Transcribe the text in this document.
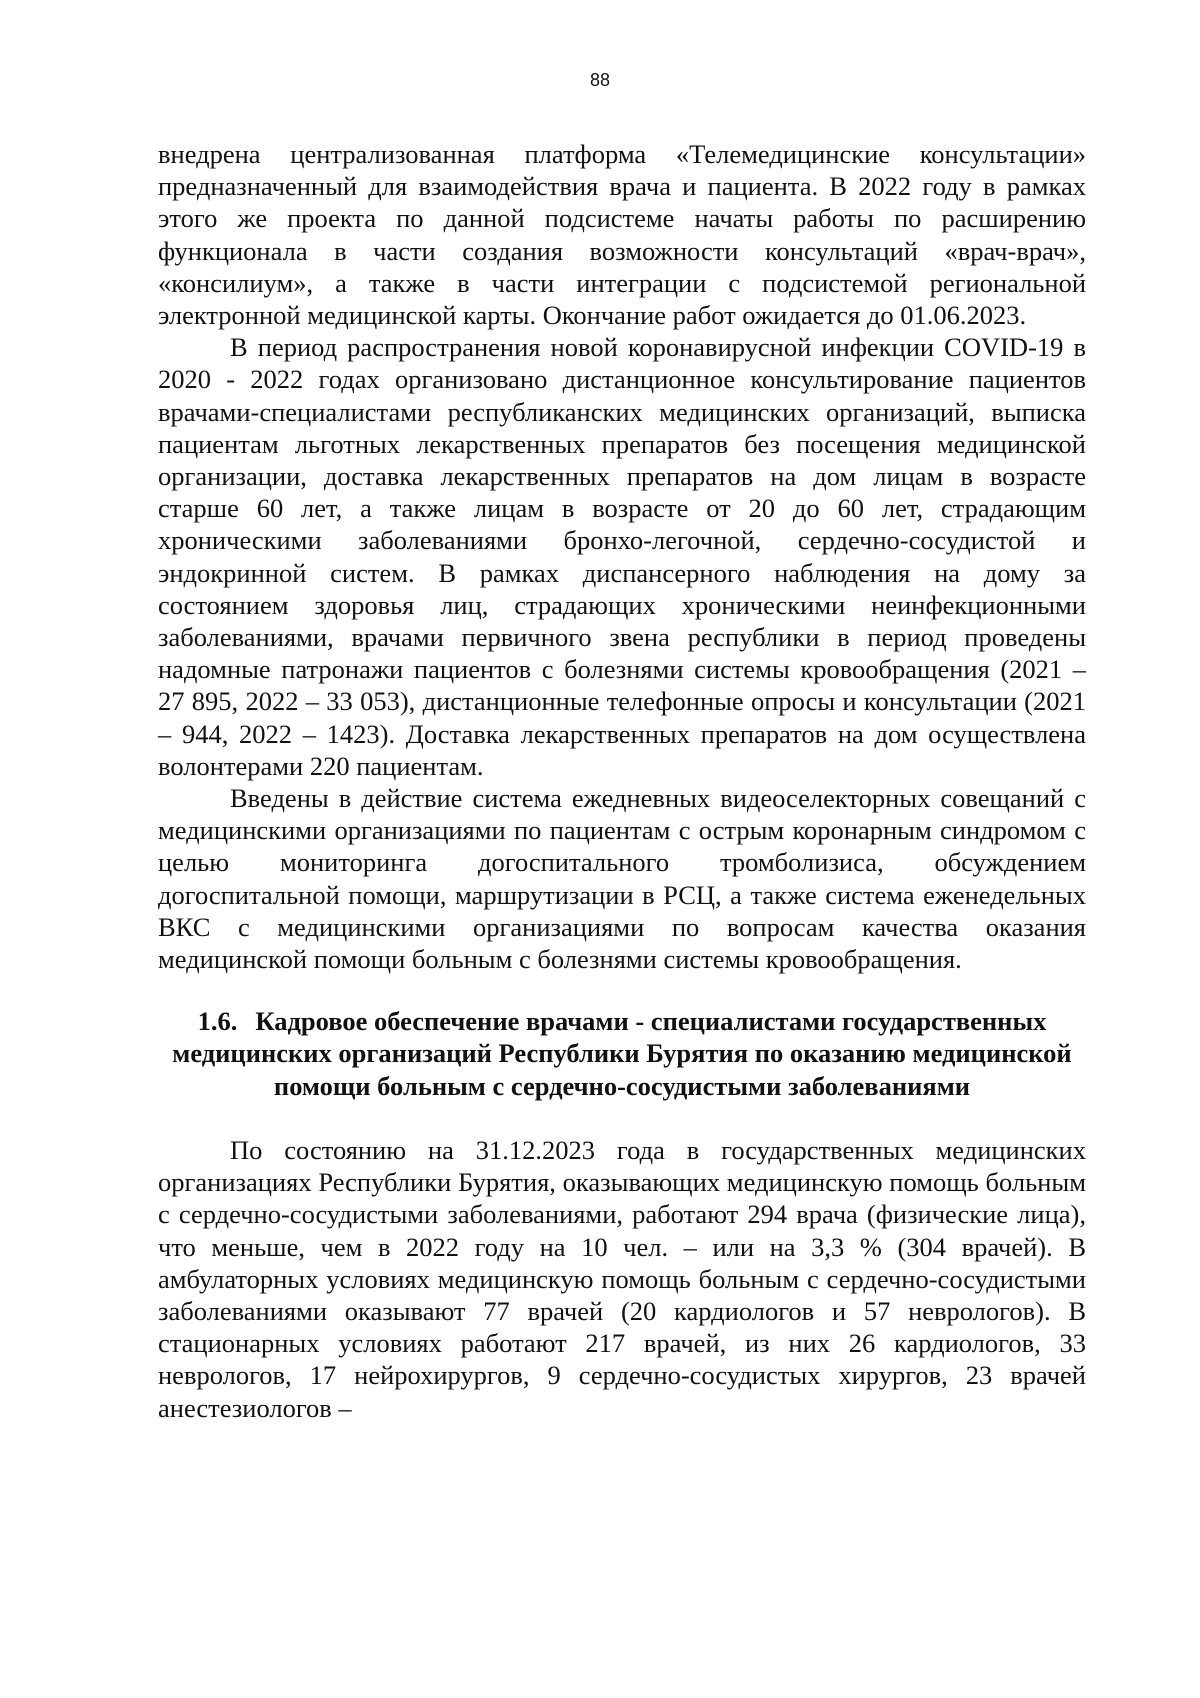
88

внедрена централизованная платформа «Телемедицинские консультации» предназначенный для взаимодействия врача и пациента. В 2022 году в рамках этого же проекта по данной подсистеме начаты работы по расширению функционала в части создания возможности консультаций «врач-врач», «консилиум», а также в части интеграции с подсистемой региональной электронной медицинской карты. Окончание работ ожидается до 01.06.2023.

В период распространения новой коронавирусной инфекции COVID-19 в 2020 - 2022 годах организовано дистанционное консультирование пациентов врачами-специалистами республиканских медицинских организаций, выписка пациентам льготных лекарственных препаратов без посещения медицинской организации, доставка лекарственных препаратов на дом лицам в возрасте старше 60 лет, а также лицам в возрасте от 20 до 60 лет, страдающим хроническими заболеваниями бронхо-легочной, сердечно-сосудистой и эндокринной систем. В рамках диспансерного наблюдения на дому за состоянием здоровья лиц, страдающих хроническими неинфекционными заболеваниями, врачами первичного звена республики в период проведены надомные патронажи пациентов с болезнями системы кровообращения (2021 – 27 895, 2022 – 33 053), дистанционные телефонные опросы и консультации (2021 – 944, 2022 – 1423). Доставка лекарственных препаратов на дом осуществлена волонтерами 220 пациентам.

Введены в действие система ежедневных видеоселекторных совещаний с медицинскими организациями по пациентам с острым коронарным синдромом с целью мониторинга догоспитального тромболизиса, обсуждением догоспитальной помощи, маршрутизации в РСЦ, а также система еженедельных ВКС с медицинскими организациями по вопросам качества оказания медицинской помощи больным с болезнями системы кровообращения.

1.6. Кадровое обеспечение врачами - специалистами государственных медицинских организаций Республики Бурятия по оказанию медицинской помощи больным с сердечно-сосудистыми заболеваниями

По состоянию на 31.12.2023 года в государственных медицинских организациях Республики Бурятия, оказывающих медицинскую помощь больным с сердечно-сосудистыми заболеваниями, работают 294 врача (физические лица), что меньше, чем в 2022 году на 10 чел. – или на 3,3 % (304 врачей). В амбулаторных условиях медицинскую помощь больным с сердечно-сосудистыми заболеваниями оказывают 77 врачей (20 кардиологов и 57 неврологов). В стационарных условиях работают 217 врачей, из них 26 кардиологов, 33 неврологов, 17 нейрохирургов, 9 сердечно-сосудистых хирургов, 23 врачей анестезиологов –
